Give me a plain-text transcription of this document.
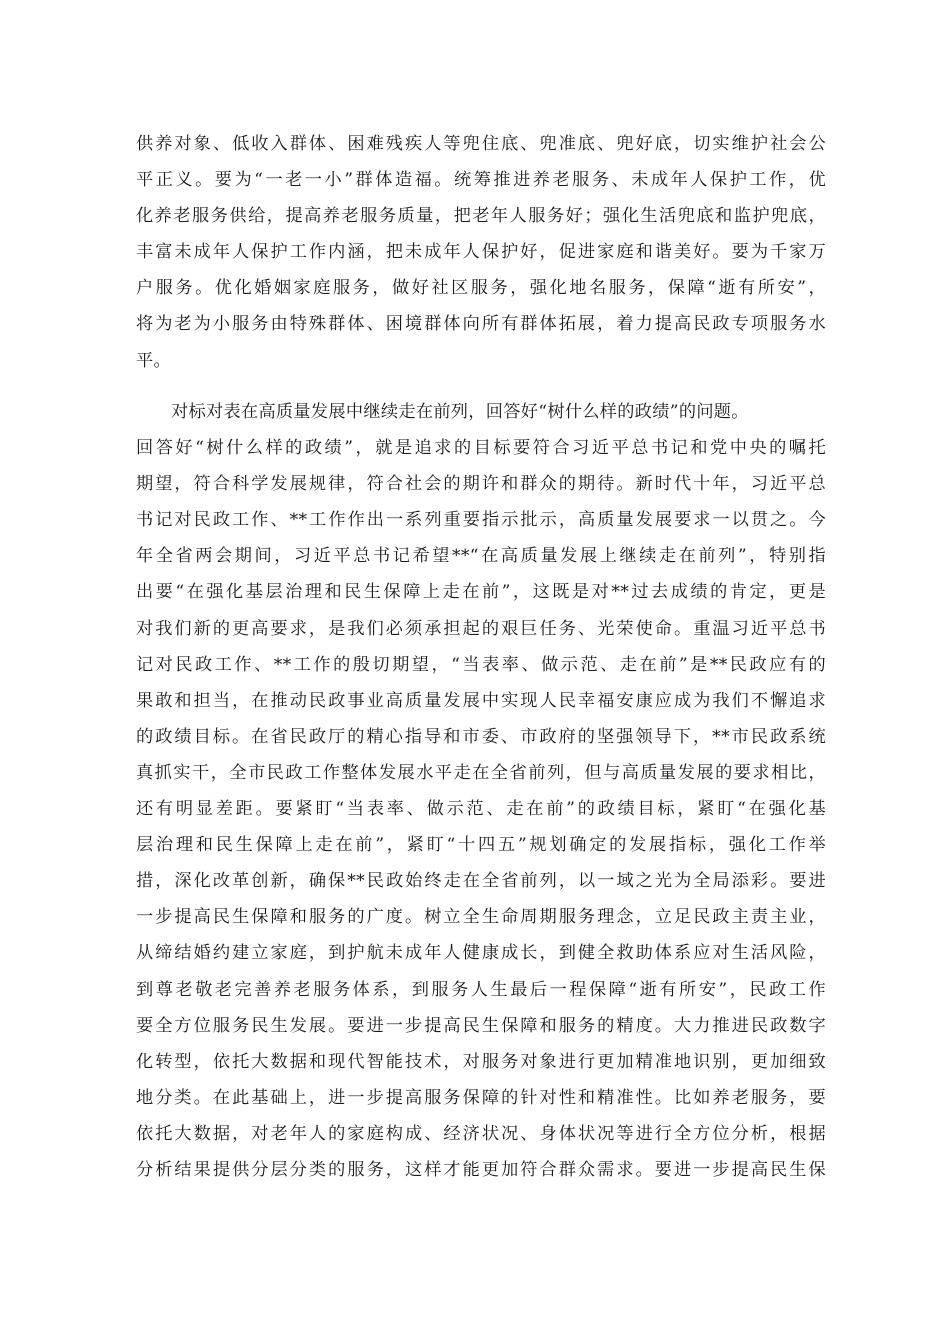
供养对象、低收入群体、困难残疾人等兜住底、兜准底、兜好底，切实维护社会公
平正义。要为“一老一小”群体造福。统筹推进养老服务、未成年人保护工作，优
化养老服务供给，提高养老服务质量，把老年人服务好；强化生活兜底和监护兜底，
丰富未成年人保护工作内涵，把未成年人保护好，促进家庭和谐美好。要为千家万
户服务。优化婚姻家庭服务，做好社区服务，强化地名服务，保障“逝有所安”，
将为老为小服务由特殊群体、困境群体向所有群体拓展，着力提高民政专项服务水
平。
对标对表在高质量发展中继续走在前列，回答好“树什么样的政绩”的问题。
回答好“树什么样的政绩”，就是追求的目标要符合习近平总书记和党中央的嘱托
期望，符合科学发展规律，符合社会的期许和群众的期待。新时代十年，习近平总
书记对民政工作、**工作作出一系列重要指示批示，高质量发展要求一以贯之。今
年全省两会期间，习近平总书记希望**“在高质量发展上继续走在前列”，特别指
出要“在强化基层治理和民生保障上走在前”，这既是对**过去成绩的肯定，更是
对我们新的更高要求，是我们必须承担起的艰巨任务、光荣使命。重温习近平总书
记对民政工作、**工作的殷切期望，“当表率、做示范、走在前”是**民政应有的
果敢和担当，在推动民政事业高质量发展中实现人民幸福安康应成为我们不懈追求
的政绩目标。在省民政厅的精心指导和市委、市政府的坚强领导下，**市民政系统
真抓实干，全市民政工作整体发展水平走在全省前列，但与高质量发展的要求相比，
还有明显差距。要紧盯“当表率、做示范、走在前”的政绩目标，紧盯“在强化基
层治理和民生保障上走在前”，紧盯“十四五”规划确定的发展指标，强化工作举
措，深化改革创新，确保**民政始终走在全省前列，以一域之光为全局添彩。要进
一步提高民生保障和服务的广度。树立全生命周期服务理念，立足民政主责主业，
从缔结婚约建立家庭，到护航未成年人健康成长，到健全救助体系应对生活风险，
到尊老敬老完善养老服务体系，到服务人生最后一程保障“逝有所安”，民政工作
要全方位服务民生发展。要进一步提高民生保障和服务的精度。大力推进民政数字
化转型，依托大数据和现代智能技术，对服务对象进行更加精准地识别，更加细致
地分类。在此基础上，进一步提高服务保障的针对性和精准性。比如养老服务，要
依托大数据，对老年人的家庭构成、经济状况、身体状况等进行全方位分析，根据
分析结果提供分层分类的服务，这样才能更加符合群众需求。要进一步提高民生保
